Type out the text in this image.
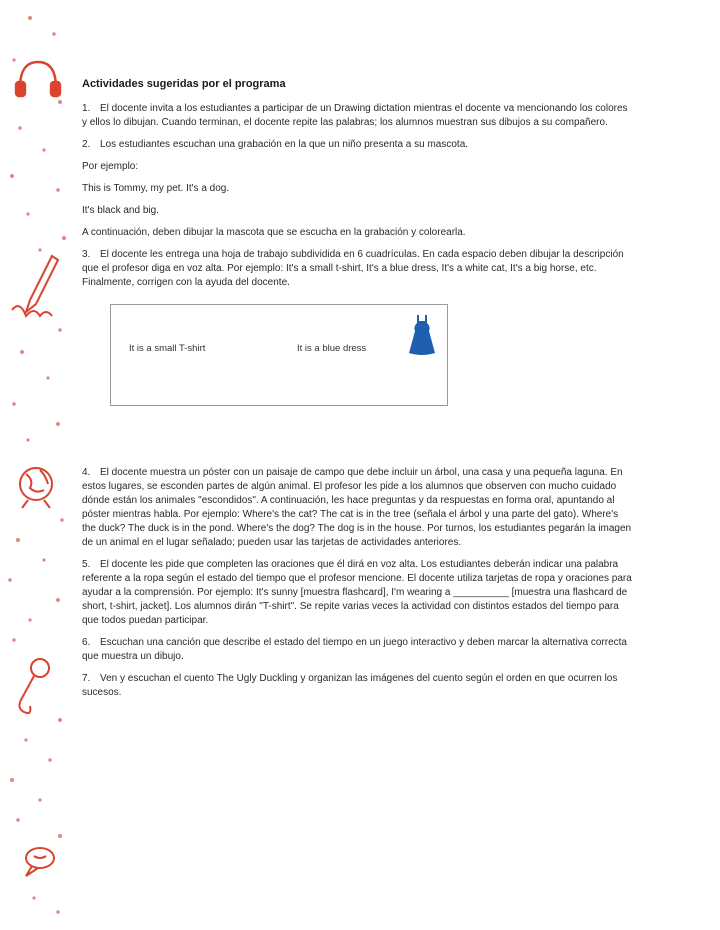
Actividades sugeridas por el programa

1. El docente invita a los estudiantes a participar de un Drawing dictation mientras el docente va mencionando los colores y ellos lo dibujan. Cuando terminan, el docente repite las palabras; los alumnos muestran sus dibujos a su compañero.

2. Los estudiantes escuchan una grabación en la que un niño presenta a su mascota.

Por ejemplo:

This is Tommy, my pet. It's a dog.

It's black and big.

A continuación, deben dibujar la mascota que se escucha en la grabación y colorearla.

3. El docente les entrega una hoja de trabajo subdividida en 6 cuadrículas. En cada espacio deben dibujar la descripción que el profesor diga en voz alta. Por ejemplo: It's a small t-shirt, It's a blue dress, It's a white cat, It's a big horse, etc. Finalmente, corrigen con la ayuda del docente.

It is a small T-shirt	It is a blue dress

4. El docente muestra un póster con un paisaje de campo que debe incluir un árbol, una casa y una pequeña laguna. En estos lugares, se esconden partes de algún animal. El profesor les pide a los alumnos que observen con mucho cuidado dónde están los animales "escondidos". A continuación, les hace preguntas y da respuestas en forma oral, apuntando al póster mientras habla. Por ejemplo: Where's the cat? The cat is in the tree (señala el árbol y una parte del gato). Where's the duck? The duck is in the pond. Where's the dog? The dog is in the house. Por turnos, los estudiantes pegarán la imagen de un animal en el lugar señalado; pueden usar las tarjetas de actividades anteriores.

5. El docente les pide que completen las oraciones que él dirá en voz alta. Los estudiantes deberán indicar una palabra referente a la ropa según el estado del tiempo que el profesor mencione. El docente utiliza tarjetas de ropa y oraciones para ayudar a la comprensión. Por ejemplo: It's sunny [muestra flashcard], I'm wearing a __________ [muestra una flashcard de short, t-shirt, jacket]. Los alumnos dirán "T-shirt". Se repite varias veces la actividad con distintos estados del tiempo para que todos puedan participar.

6. Escuchan una canción que describe el estado del tiempo en un juego interactivo y deben marcar la alternativa correcta que muestra un dibujo.

7. Ven y escuchan el cuento The Ugly Duckling y organizan las imágenes del cuento según el orden en que ocurren los sucesos.
